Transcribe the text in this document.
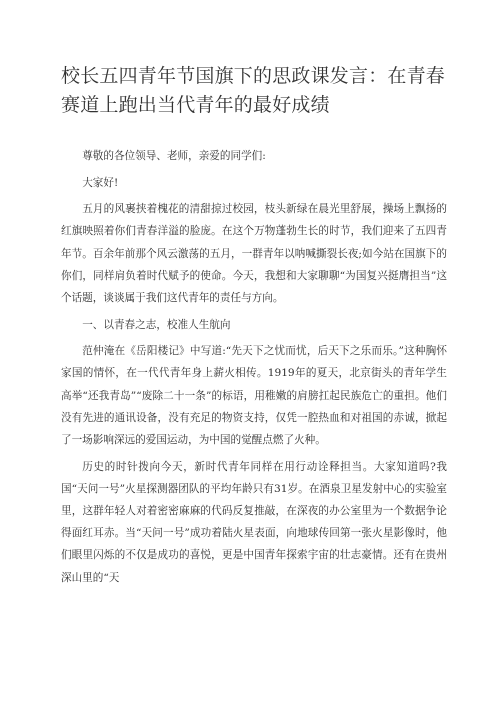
校长五四青年节国旗下的思政课发言：在青春赛道上跑出当代青年的最好成绩

尊敬的各位领导、老师，亲爱的同学们:

大家好!

五月的风裹挟着槐花的清甜掠过校园，枝头新绿在晨光里舒展，操场上飘扬的红旗映照着你们青春洋溢的脸庞。在这个万物蓬勃生长的时节，我们迎来了五四青年节。百余年前那个风云激荡的五月，一群青年以呐喊撕裂长夜;如今站在国旗下的你们，同样肩负着时代赋予的使命。今天，我想和大家聊聊“为国复兴挺膺担当”这个话题，谈谈属于我们这代青年的责任与方向。

一、以青春之志，校准人生航向

范仲淹在《岳阳楼记》中写道:“先天下之忧而忧，后天下之乐而乐。”这种胸怀家国的情怀，在一代代青年身上薪火相传。1919年的夏天，北京街头的青年学生高举“还我青岛”“废除二十一条”的标语，用稚嫩的肩膀扛起民族危亡的重担。他们没有先进的通讯设备，没有充足的物资支持，仅凭一腔热血和对祖国的赤诚，掀起了一场影响深远的爱国运动，为中国的觉醒点燃了火种。

历史的时针拨向今天，新时代青年同样在用行动诠释担当。大家知道吗?我国“天问一号”火星探测器团队的平均年龄只有31岁。在酒泉卫星发射中心的实验室里，这群年轻人对着密密麻麻的代码反复推敲，在深夜的办公室里为一个数据争论得面红耳赤。当“天问一号”成功着陆火星表面，向地球传回第一张火星影像时，他们眼里闪烁的不仅是成功的喜悦，更是中国青年探索宇宙的壮志豪情。还有在贵州深山里的“天
